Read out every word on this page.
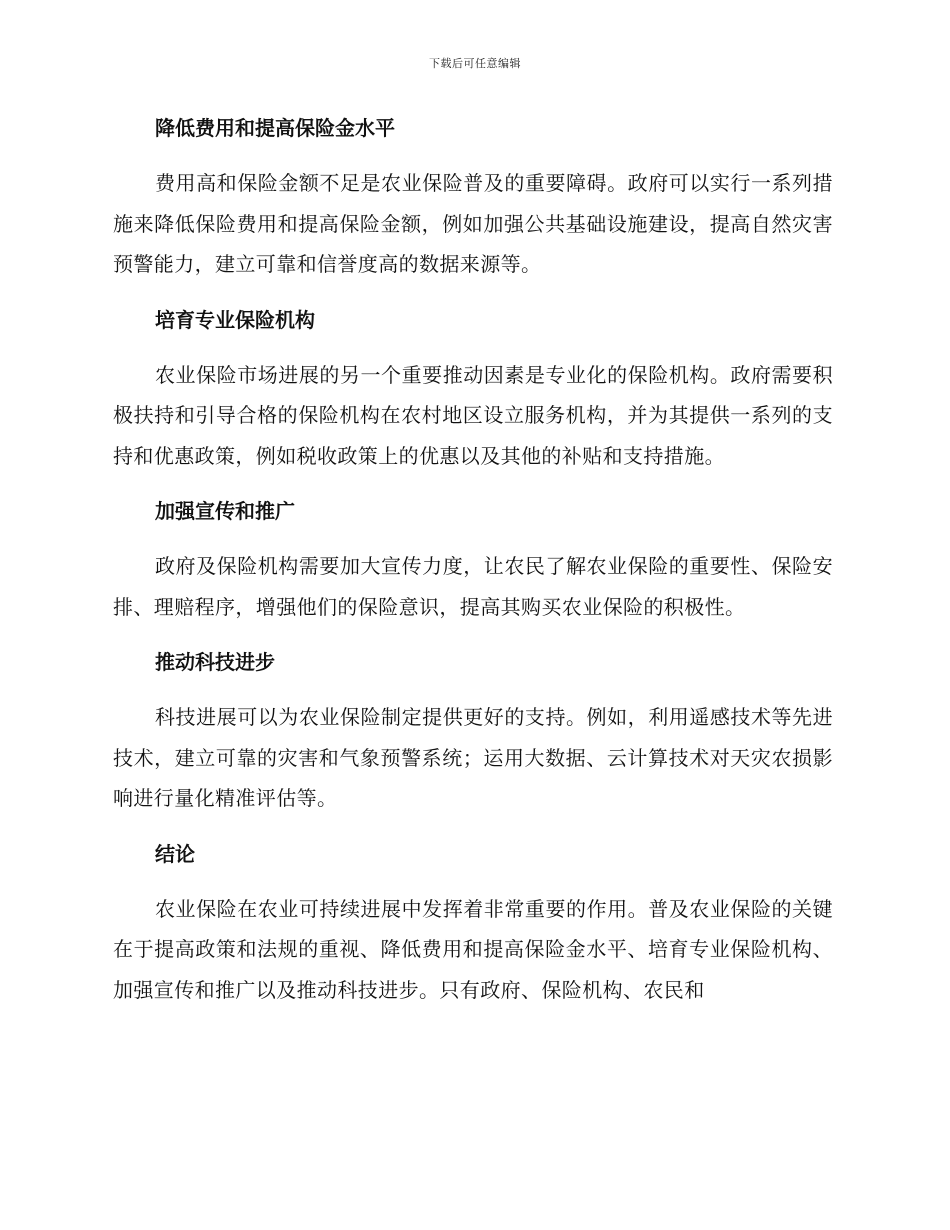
下载后可任意编辑
降低费用和提高保险金水平

费用高和保险金额不足是农业保险普及的重要障碍。政府可以实行一系列措施来降低保险费用和提高保险金额，例如加强公共基础设施建设，提高自然灾害预警能力，建立可靠和信誉度高的数据来源等。

培育专业保险机构

农业保险市场进展的另一个重要推动因素是专业化的保险机构。政府需要积极扶持和引导合格的保险机构在农村地区设立服务机构，并为其提供一系列的支持和优惠政策，例如税收政策上的优惠以及其他的补贴和支持措施。

加强宣传和推广

政府及保险机构需要加大宣传力度，让农民了解农业保险的重要性、保险安排、理赔程序，增强他们的保险意识，提高其购买农业保险的积极性。

推动科技进步

科技进展可以为农业保险制定提供更好的支持。例如，利用遥感技术等先进技术，建立可靠的灾害和气象预警系统；运用大数据、云计算技术对天灾农损影响进行量化精准评估等。

结论

农业保险在农业可持续进展中发挥着非常重要的作用。普及农业保险的关键在于提高政策和法规的重视、降低费用和提高保险金水平、培育专业保险机构、加强宣传和推广以及推动科技进步。只有政府、保险机构、农民和
